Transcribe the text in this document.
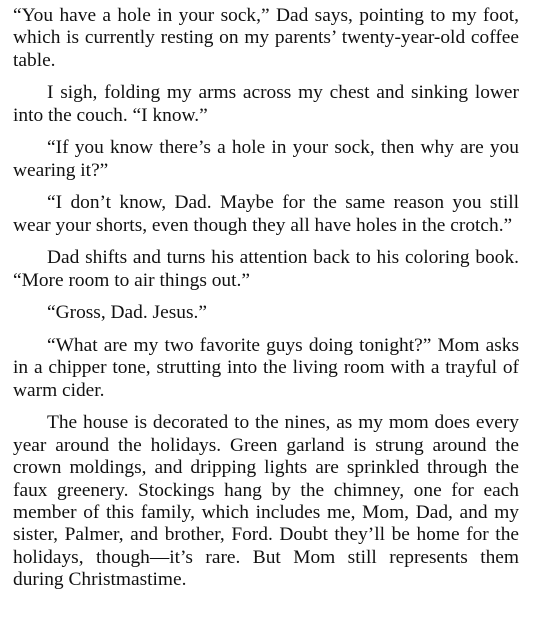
“You have a hole in your sock,” Dad says, pointing to my foot, which is currently resting on my parents’ twenty-year-old coffee table.

I sigh, folding my arms across my chest and sinking lower into the couch. “I know.”

“If you know there’s a hole in your sock, then why are you wearing it?”

“I don’t know, Dad. Maybe for the same reason you still wear your shorts, even though they all have holes in the crotch.”

Dad shifts and turns his attention back to his coloring book. “More room to air things out.”

“Gross, Dad. Jesus.”

“What are my two favorite guys doing tonight?” Mom asks in a chipper tone, strutting into the living room with a trayful of warm cider.

The house is decorated to the nines, as my mom does every year around the holidays. Green garland is strung around the crown moldings, and dripping lights are sprinkled through the faux greenery. Stockings hang by the chimney, one for each member of this family, which includes me, Mom, Dad, and my sister, Palmer, and brother, Ford. Doubt they’ll be home for the holidays, though—it’s rare. But Mom still represents them during Christmastime.
